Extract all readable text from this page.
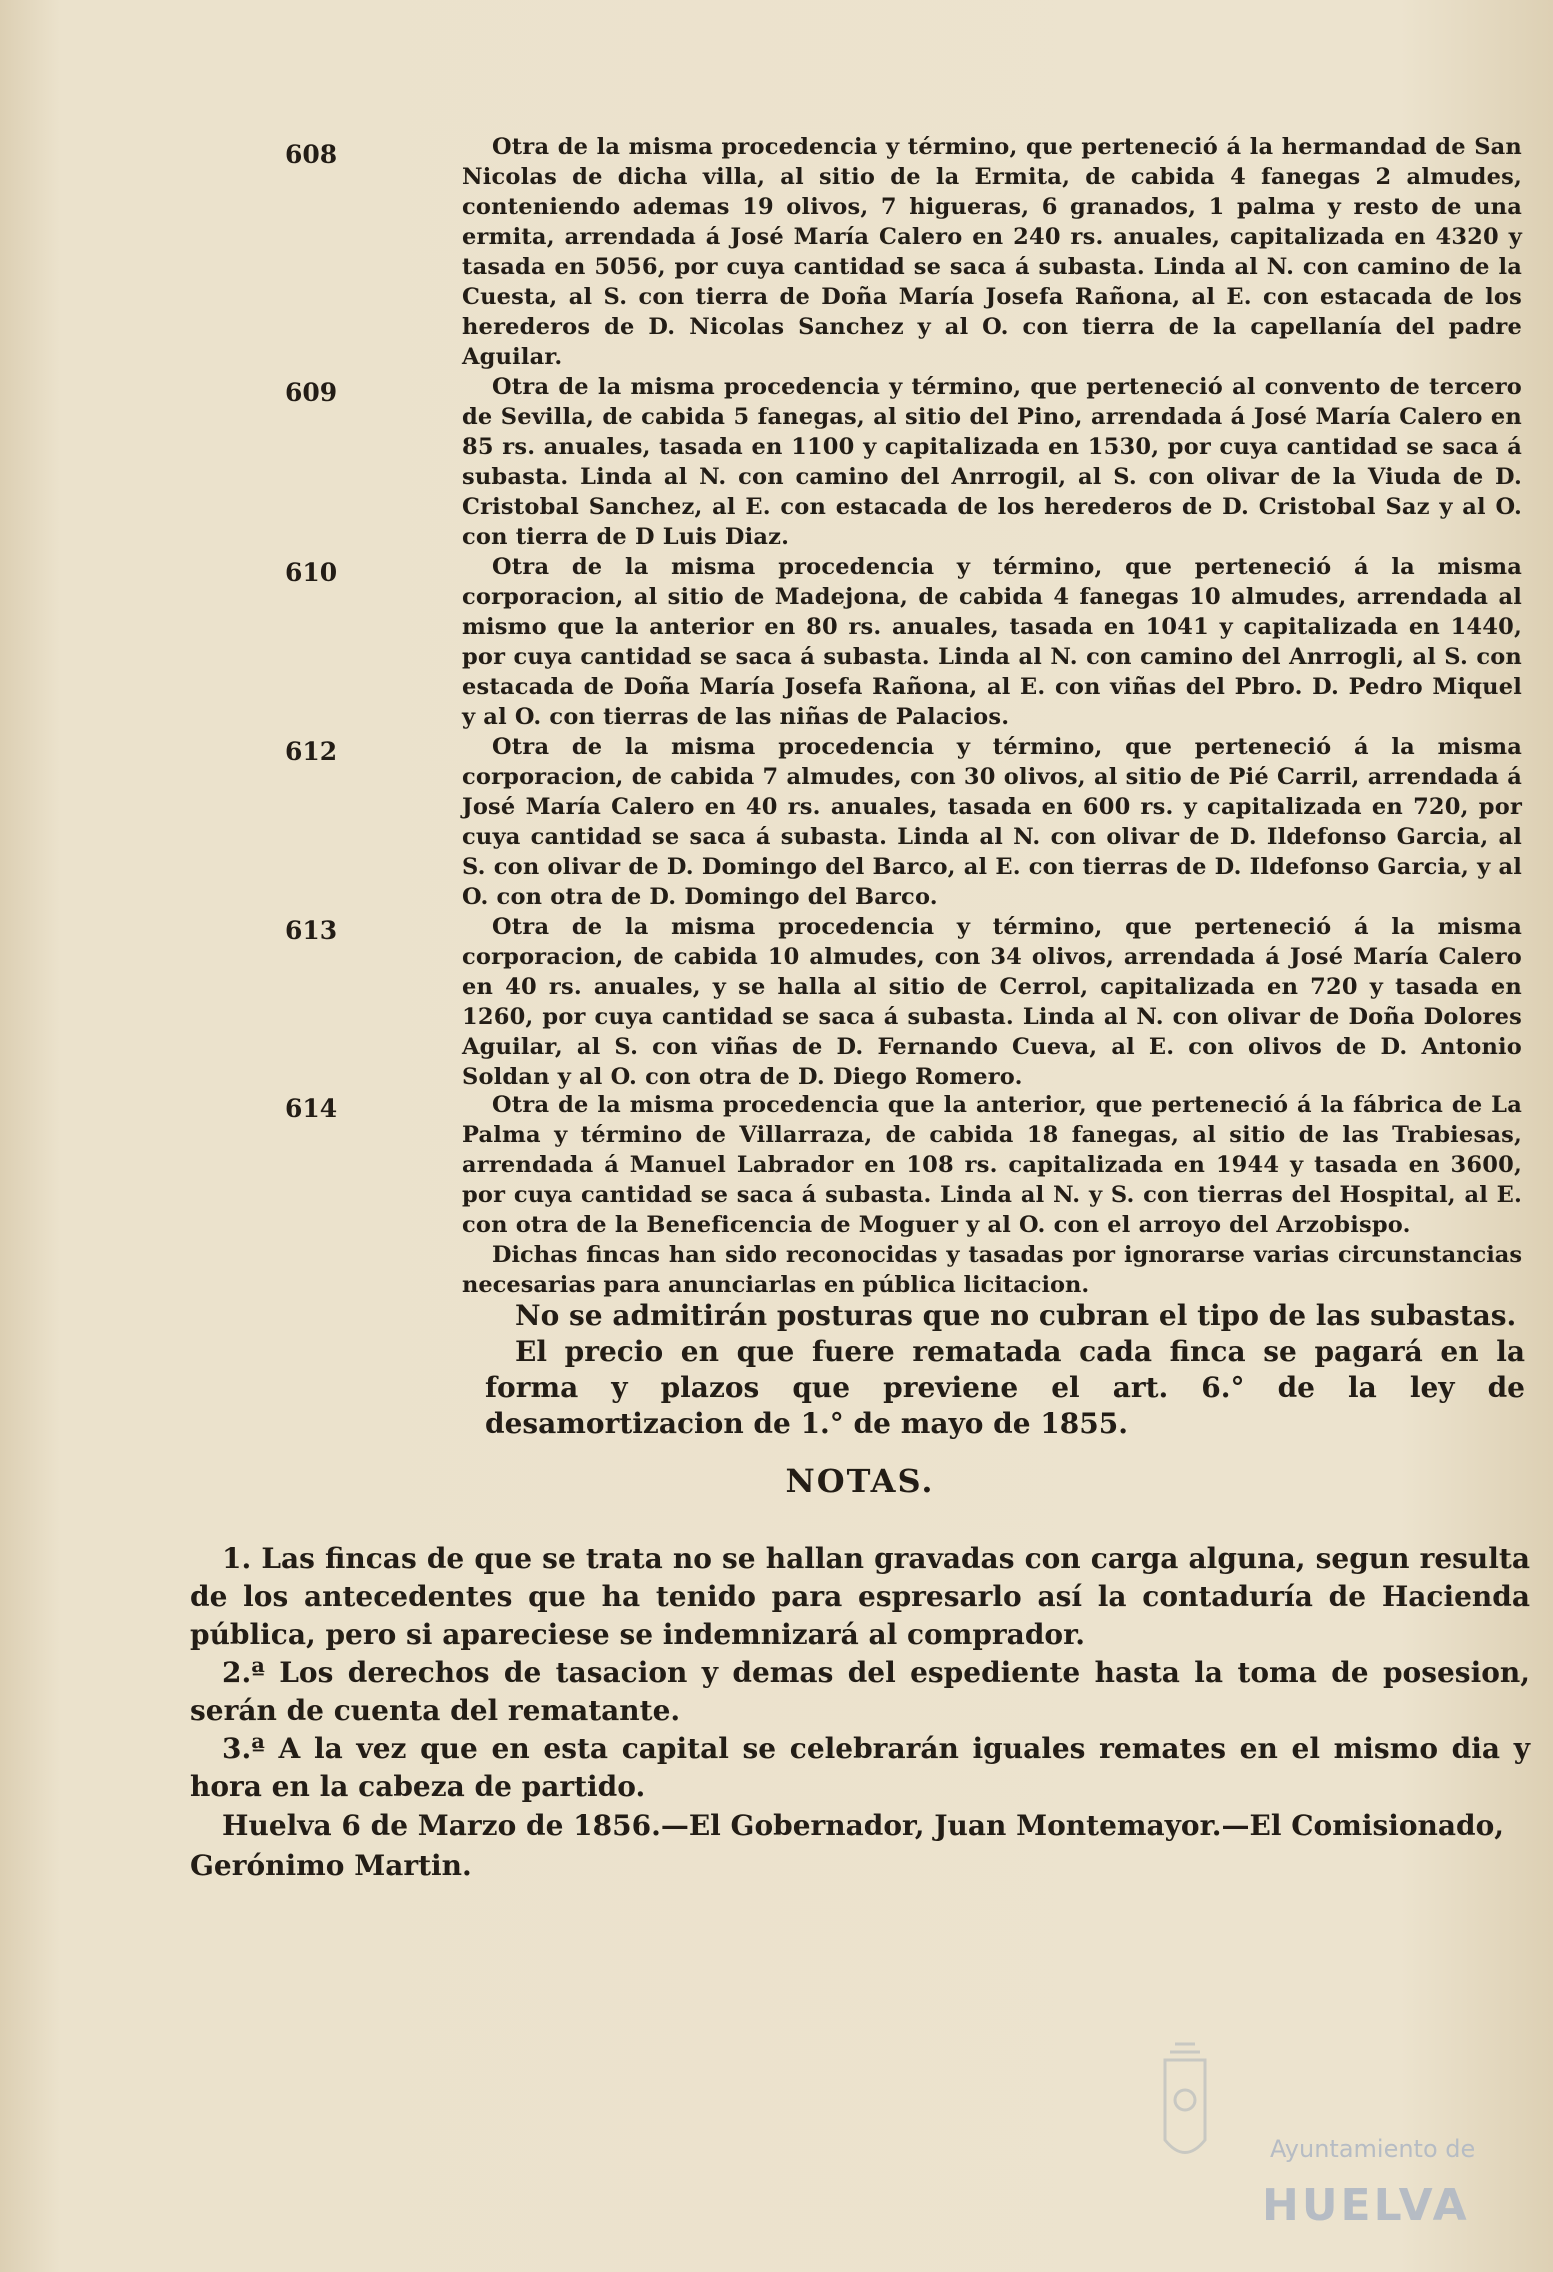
608	Otra de la misma procedencia y término, que perteneció á la hermandad de San Nicolas de dicha villa, al sitio de la Ermita, de cabida 4 fanegas 2 almudes, conteniendo ademas 19 olivos, 7 higueras, 6 granados, 1 palma y resto de una ermita, arrendada á José María Calero en 240 rs. anuales, capitalizada en 4320 y tasada en 5056, por cuya cantidad se saca á subasta. Linda al N. con camino de la Cuesta, al S. con tierra de Doña María Josefa Rañona, al E. con estacada de los herederos de D. Nicolas Sanchez y al O. con tierra de la capellanía del padre Aguilar.
609	Otra de la misma procedencia y término, que perteneció al convento de tercero de Sevilla, de cabida 5 fanegas, al sitio del Pino, arrendada á José María Calero en 85 rs. anuales, tasada en 1100 y capitalizada en 1530, por cuya cantidad se saca á subasta. Linda al N. con camino del Anrrogil, al S. con olivar de la Viuda de D. Cristobal Sanchez, al E. con estacada de los herederos de D. Cristobal Saz y al O. con tierra de D Luis Diaz.
610	Otra de la misma procedencia y término, que perteneció á la misma corporacion, al sitio de Madejona, de cabida 4 fanegas 10 almudes, arrendada al mismo que la anterior en 80 rs. anuales, tasada en 1041 y capitalizada en 1440, por cuya cantidad se saca á subasta. Linda al N. con camino del Anrrogli, al S. con estacada de Doña María Josefa Rañona, al E. con viñas del Pbro. D. Pedro Miquel y al O. con tierras de las niñas de Palacios.
612	Otra de la misma procedencia y término, que perteneció á la misma corporacion, de cabida 7 almudes, con 30 olivos, al sitio de Pié Carril, arrendada á José María Calero en 40 rs. anuales, tasada en 600 rs. y capitalizada en 720, por cuya cantidad se saca á subasta. Linda al N. con olivar de D. Ildefonso Garcia, al S. con olivar de D. Domingo del Barco, al E. con tierras de D. Ildefonso Garcia, y al O. con otra de D. Domingo del Barco.
613	Otra de la misma procedencia y término, que perteneció á la misma corporacion, de cabida 10 almudes, con 34 olivos, arrendada á José María Calero en 40 rs. anuales, y se halla al sitio de Cerrol, capitalizada en 720 y tasada en 1260, por cuya cantidad se saca á subasta. Linda al N. con olivar de Doña Dolores Aguilar, al S. con viñas de D. Fernando Cueva, al E. con olivos de D. Antonio Soldan y al O. con otra de D. Diego Romero.
614	Otra de la misma procedencia que la anterior, que perteneció á la fábrica de La Palma y término de Villarraza, de cabida 18 fanegas, al sitio de las Trabiesas, arrendada á Manuel Labrador en 108 rs. capitalizada en 1944 y tasada en 3600, por cuya cantidad se saca á subasta. Linda al N. y S. con tierras del Hospital, al E. con otra de la Beneficencia de Moguer y al O. con el arroyo del Arzobispo.
Dichas fincas han sido reconocidas y tasadas por ignorarse varias circunstancias necesarias para anunciarlas en pública licitacion.
No se admitirán posturas que no cubran el tipo de las subastas.
El precio en que fuere rematada cada finca se pagará en la forma y plazos que previene el art. 6.° de la ley de desamortizacion de 1.° de mayo de 1855.
NOTAS.
1. Las fincas de que se trata no se hallan gravadas con carga alguna, segun resulta de los antecedentes que ha tenido para espresarlo así la contaduría de Hacienda pública, pero si apareciese se indemnizará al comprador.
2.ª Los derechos de tasacion y demas del espediente hasta la toma de posesion, serán de cuenta del rematante.
3.ª A la vez que en esta capital se celebrarán iguales remates en el mismo dia y hora en la cabeza de partido.
Huelva 6 de Marzo de 1856.—El Gobernador, Juan Montemayor.—El Comisionado, Gerónimo Martin.
Ayuntamiento de
HUELVA
